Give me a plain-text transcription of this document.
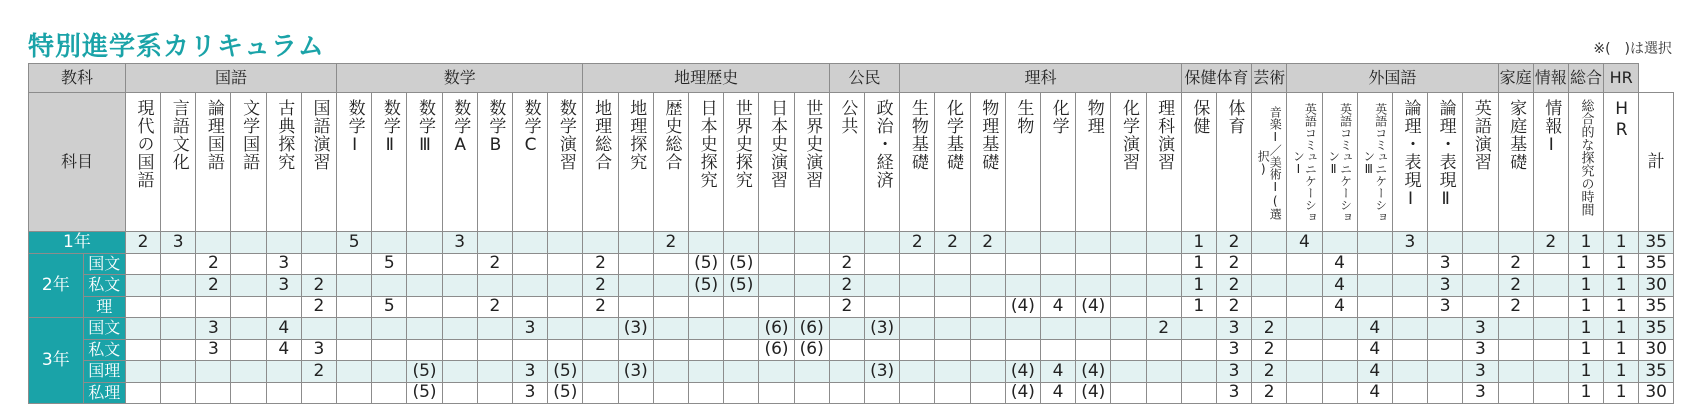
特別進学系カリキュラム	※(　)は選択
教科		国語						数学							地理歴史							公民		理科								保健体育		芸術	外国語						家庭	情報	総合	HR	
科目		現代の国語	言語文化	論理国語	文学国語	古典探究	国語演習	数学Ⅰ	数学Ⅱ	数学Ⅲ	数学A	数学B	数学C	数学演習	地理総合	地理探究	歴史総合	日本史探究	世界史探究	日本史演習	世界史演習	公共	政治・経済	生物基礎	化学基礎	物理基礎	生物	化学	物理	化学演習	理科演習	保健	体育	音楽Ⅰ／美術Ⅰ(選択)	英語コミュニケーションⅠ	英語コミュニケーションⅡ	英語コミュニケーションⅢ	論理・表現Ⅰ	論理・表現Ⅱ	英語演習	家庭基礎	情報Ⅰ	総合的な探究の時間	HR	計
1年		2	3					5			3						2							2	2	2						1	2		4			3				2	1	1	35
2年	国文			2		3			5			2			2			(5)	(5)			2										1	2			4			3		2		1	1	35
	私文			2		3	2								2			(5)	(5)			2										1	2			4			3		2		1	1	30
	理						2		5			2			2							2					(4)	4	(4)			1	2			4			3		2		1	1	35
3年	国文			3		4							3			(3)				(6)	(6)		(3)								2		3	2			4			3			1	1	35
	私文			3		4	3													(6)	(6)												3	2			4			3			1	1	30
	国理						2			(5)			3	(5)		(3)							(3)				(4)	4	(4)				3	2			4			3			1	1	35
	私理									(5)			3	(5)													(4)	4	(4)				3	2			4			3			1	1	30
